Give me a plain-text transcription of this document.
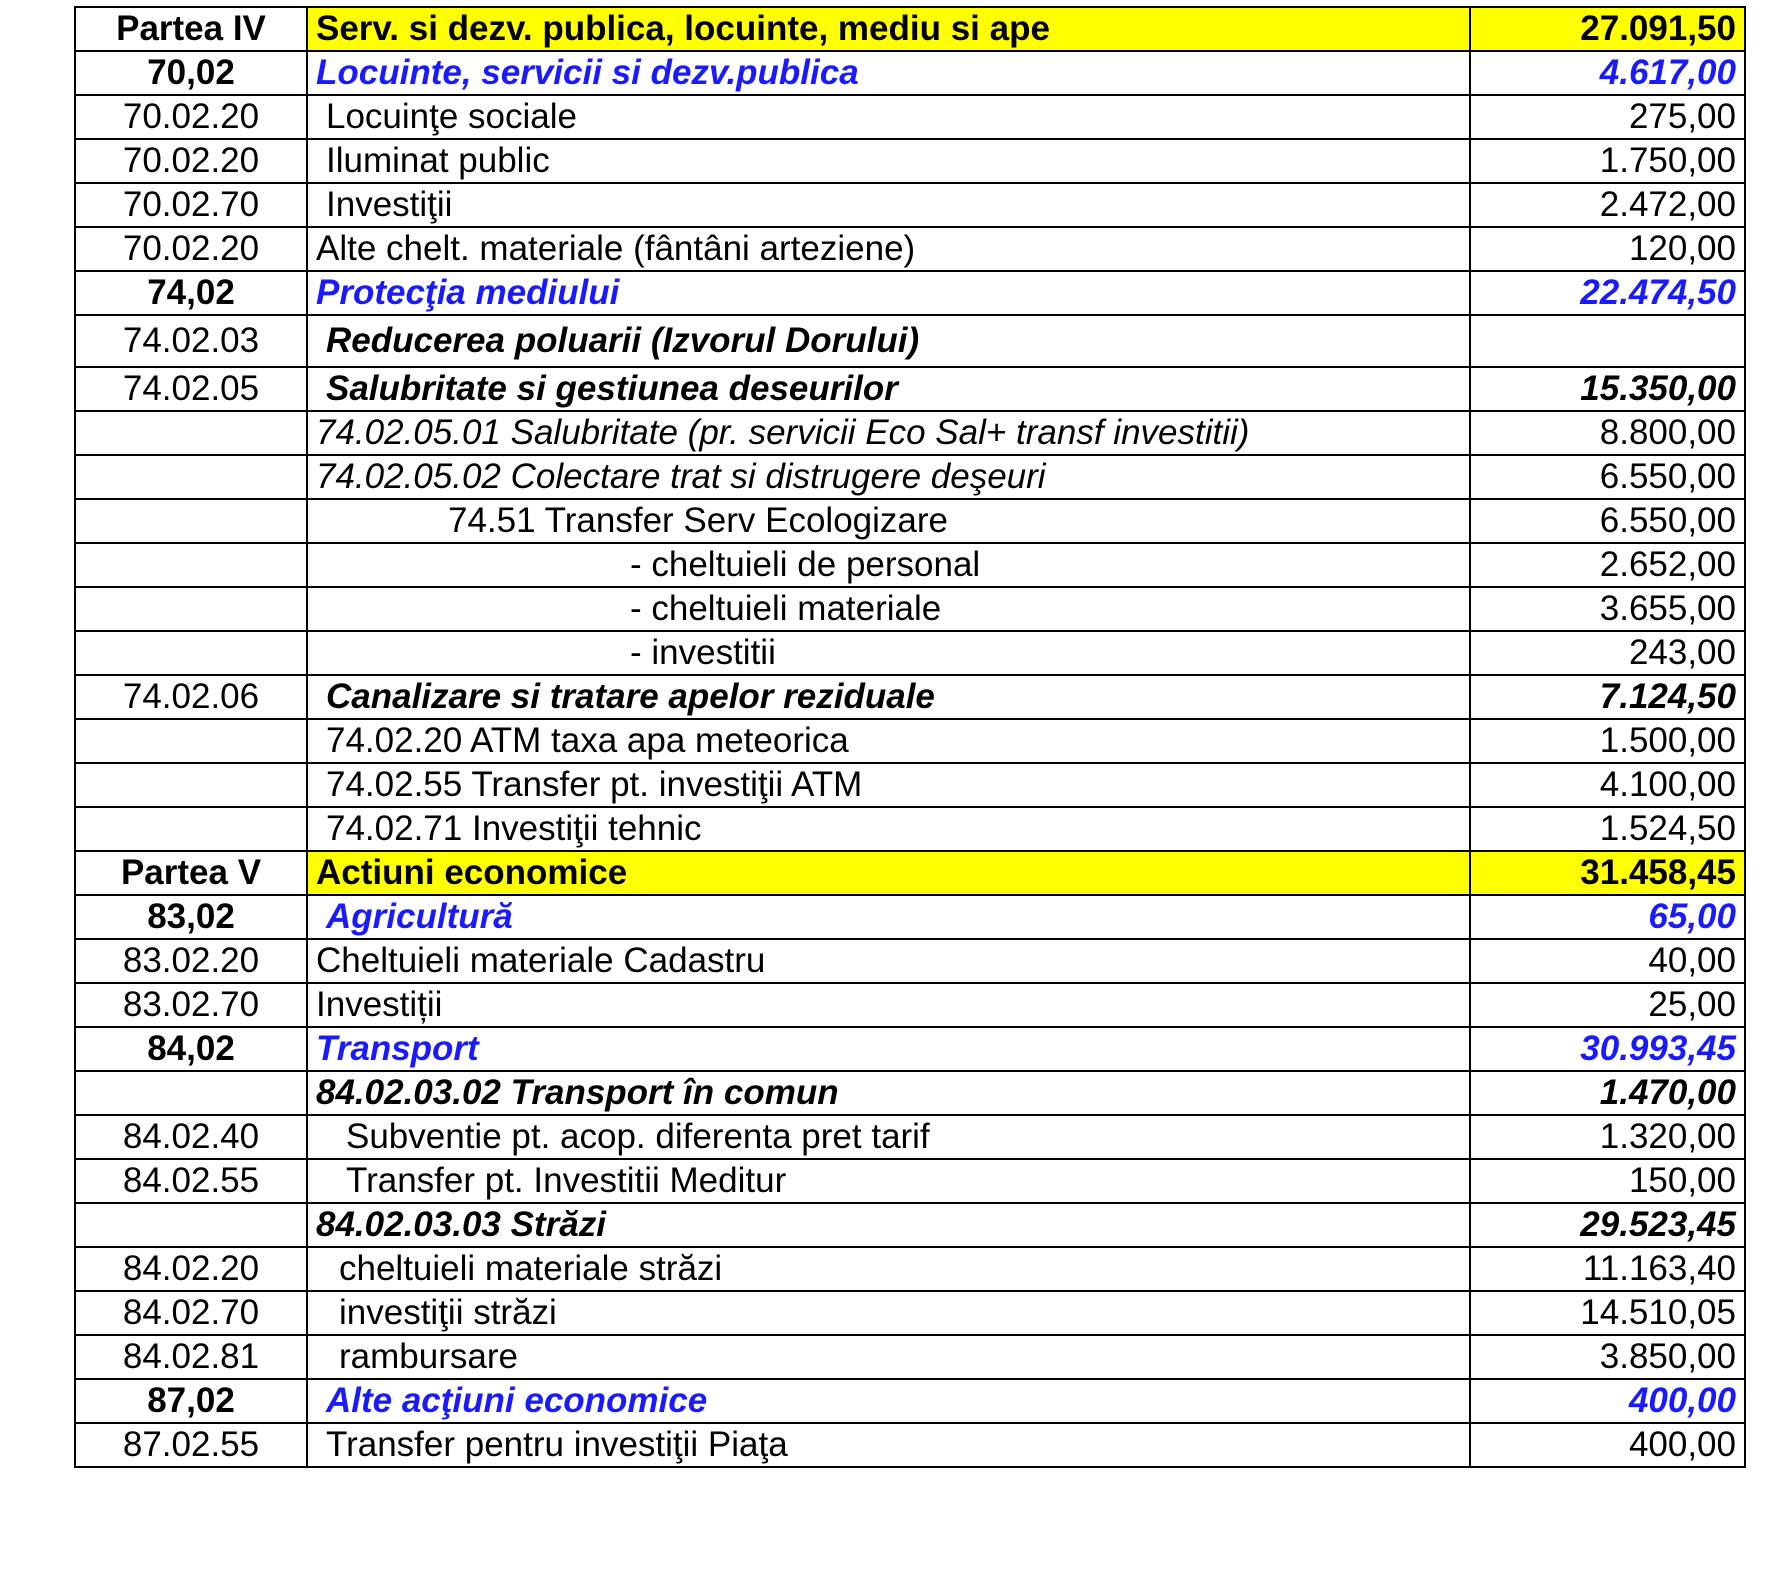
Partea IV	Serv. si dezv. publica, locuinte, mediu si ape	27.091,50
70,02	Locuinte, servicii si dezv.publica	4.617,00
70.02.20	Locuinţe sociale	275,00
70.02.20	Iluminat public	1.750,00
70.02.70	Investiţii	2.472,00
70.02.20	Alte chelt. materiale (fântâni arteziene)	120,00
74,02	Protecţia mediului	22.474,50
74.02.03	Reducerea poluarii (Izvorul Dorului)	
74.02.05	Salubritate si gestiunea deseurilor	15.350,00
	74.02.05.01 Salubritate (pr. servicii Eco Sal+ transf investitii)	8.800,00
	74.02.05.02 Colectare trat si distrugere deşeuri	6.550,00
	74.51 Transfer Serv Ecologizare	6.550,00
	- cheltuieli de personal	2.652,00
	- cheltuieli materiale	3.655,00
	- investitii	243,00
74.02.06	Canalizare si tratare apelor reziduale	7.124,50
	74.02.20 ATM taxa apa meteorica	1.500,00
	74.02.55 Transfer pt. investiţii ATM	4.100,00
	74.02.71 Investiţii tehnic	1.524,50
Partea V	Actiuni economice	31.458,45
83,02	Agricultură	65,00
83.02.20	Cheltuieli materiale Cadastru	40,00
83.02.70	Investiții	25,00
84,02	Transport	30.993,45
	84.02.03.02 Transport în comun	1.470,00
84.02.40	Subventie pt. acop. diferenta pret tarif	1.320,00
84.02.55	Transfer pt. Investitii Meditur	150,00
	84.02.03.03 Străzi	29.523,45
84.02.20	cheltuieli materiale străzi	11.163,40
84.02.70	investiţii străzi	14.510,05
84.02.81	rambursare	3.850,00
87,02	Alte acţiuni economice	400,00
87.02.55	Transfer pentru investiţii Piaţa	400,00
